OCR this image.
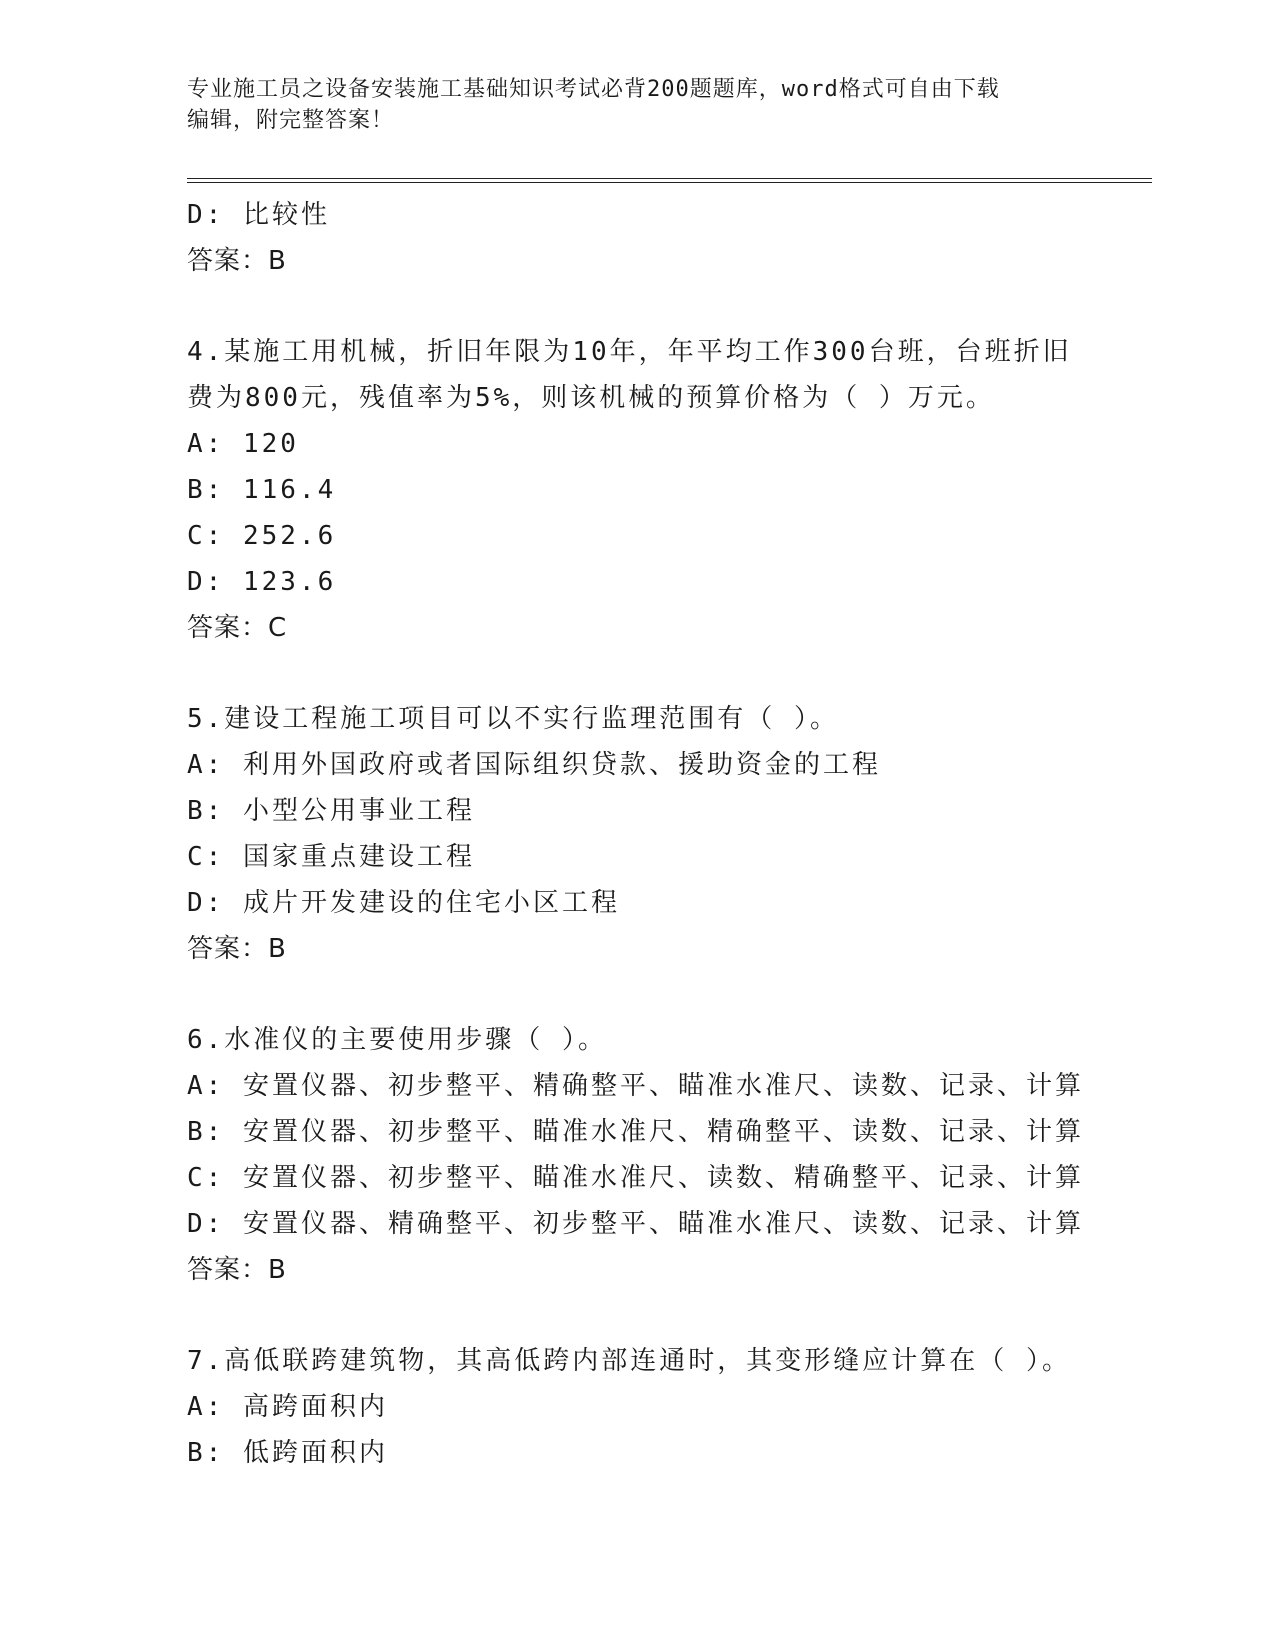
专业施工员之设备安装施工基础知识考试必背200题题库，word格式可自由下载
编辑，附完整答案！
D: 比较性
答案：B
4.某施工用机械，折旧年限为10年，年平均工作300台班，台班折旧
费为800元，残值率为5%，则该机械的预算价格为（ ）万元。
A: 120
B: 116.4
C: 252.6
D: 123.6
答案：C
5.建设工程施工项目可以不实行监理范围有（ ）。
A: 利用外国政府或者国际组织贷款、援助资金的工程
B: 小型公用事业工程
C: 国家重点建设工程
D: 成片开发建设的住宅小区工程
答案：B
6.水准仪的主要使用步骤（ ）。
A: 安置仪器、初步整平、精确整平、瞄准水准尺、读数、记录、计算
B: 安置仪器、初步整平、瞄准水准尺、精确整平、读数、记录、计算
C: 安置仪器、初步整平、瞄准水准尺、读数、精确整平、记录、计算
D: 安置仪器、精确整平、初步整平、瞄准水准尺、读数、记录、计算
答案：B
7.高低联跨建筑物，其高低跨内部连通时，其变形缝应计算在（ ）。
A: 高跨面积内
B: 低跨面积内
